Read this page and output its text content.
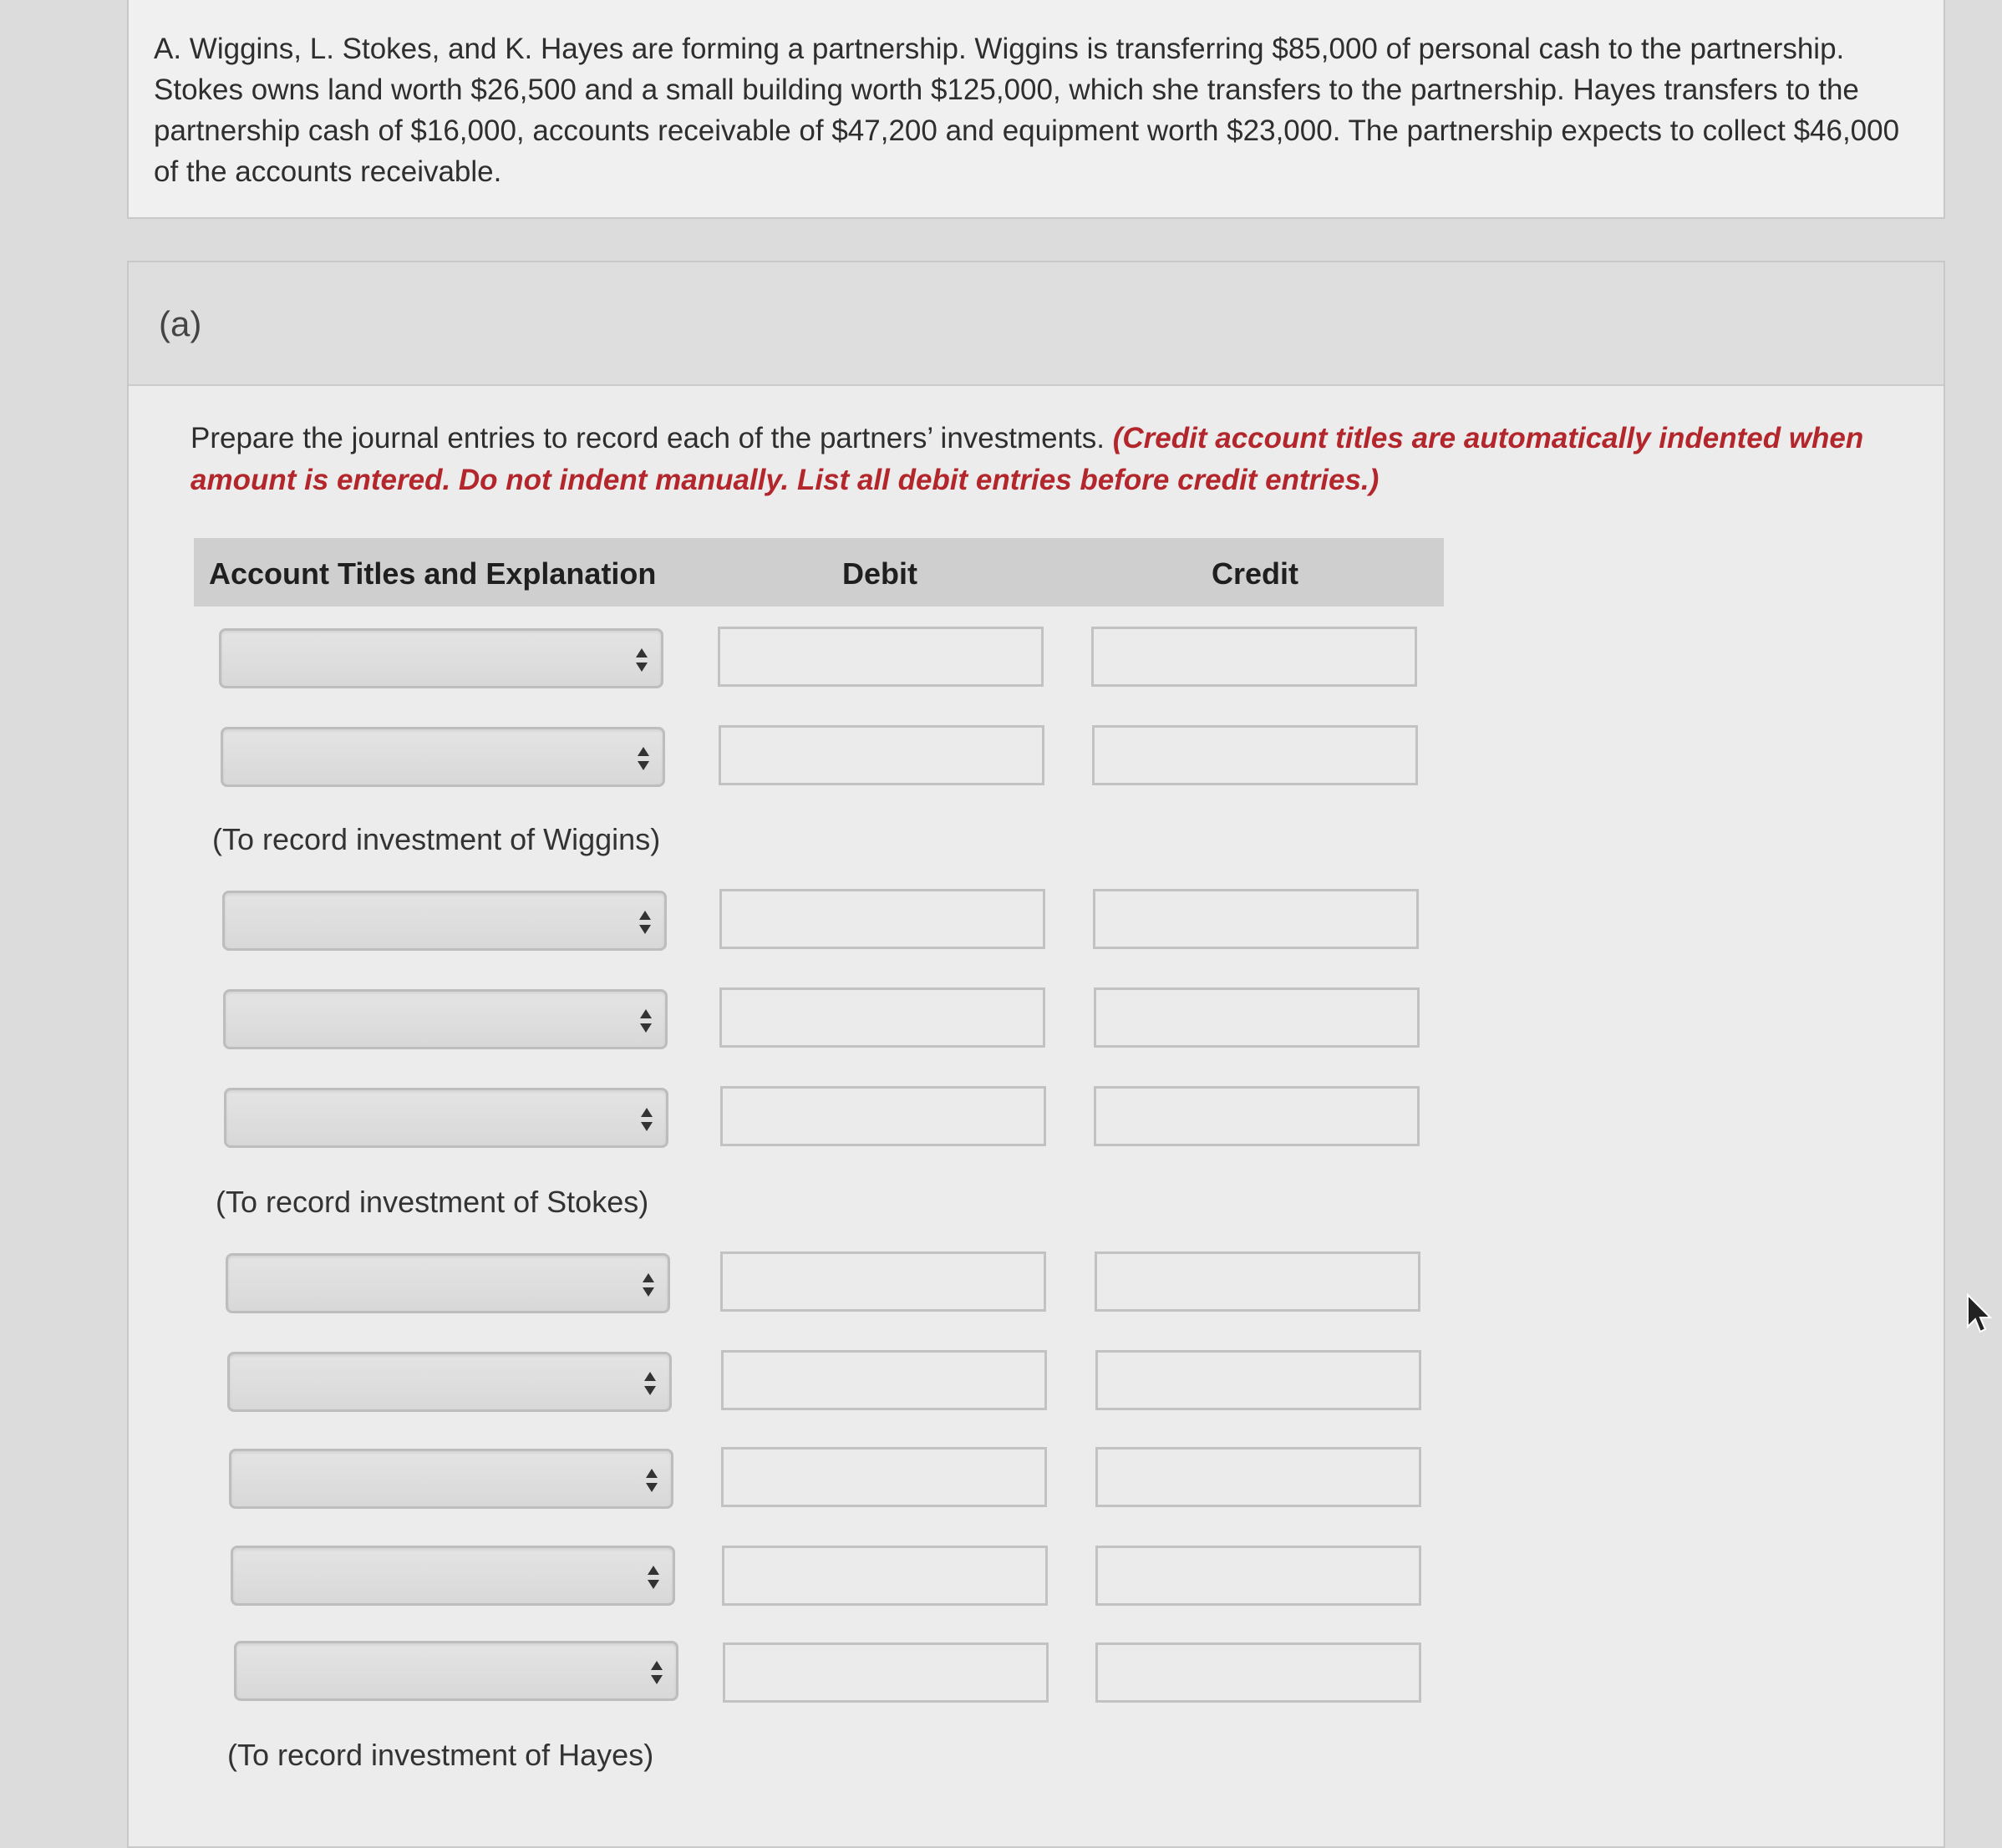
A. Wiggins, L. Stokes, and K. Hayes are forming a partnership. Wiggins is transferring $85,000 of personal cash to the partnership. Stokes owns land worth $26,500 and a small building worth $125,000, which she transfers to the partnership. Hayes transfers to the partnership cash of $16,000, accounts receivable of $47,200 and equipment worth $23,000. The partnership expects to collect $46,000 of the accounts receivable.

(a)

Prepare the journal entries to record each of the partners’ investments. (Credit account titles are automatically indented when amount is entered. Do not indent manually. List all debit entries before credit entries.)

Account Titles and Explanation	Debit	Credit
(To record investment of Wiggins)
(To record investment of Stokes)
(To record investment of Hayes)
